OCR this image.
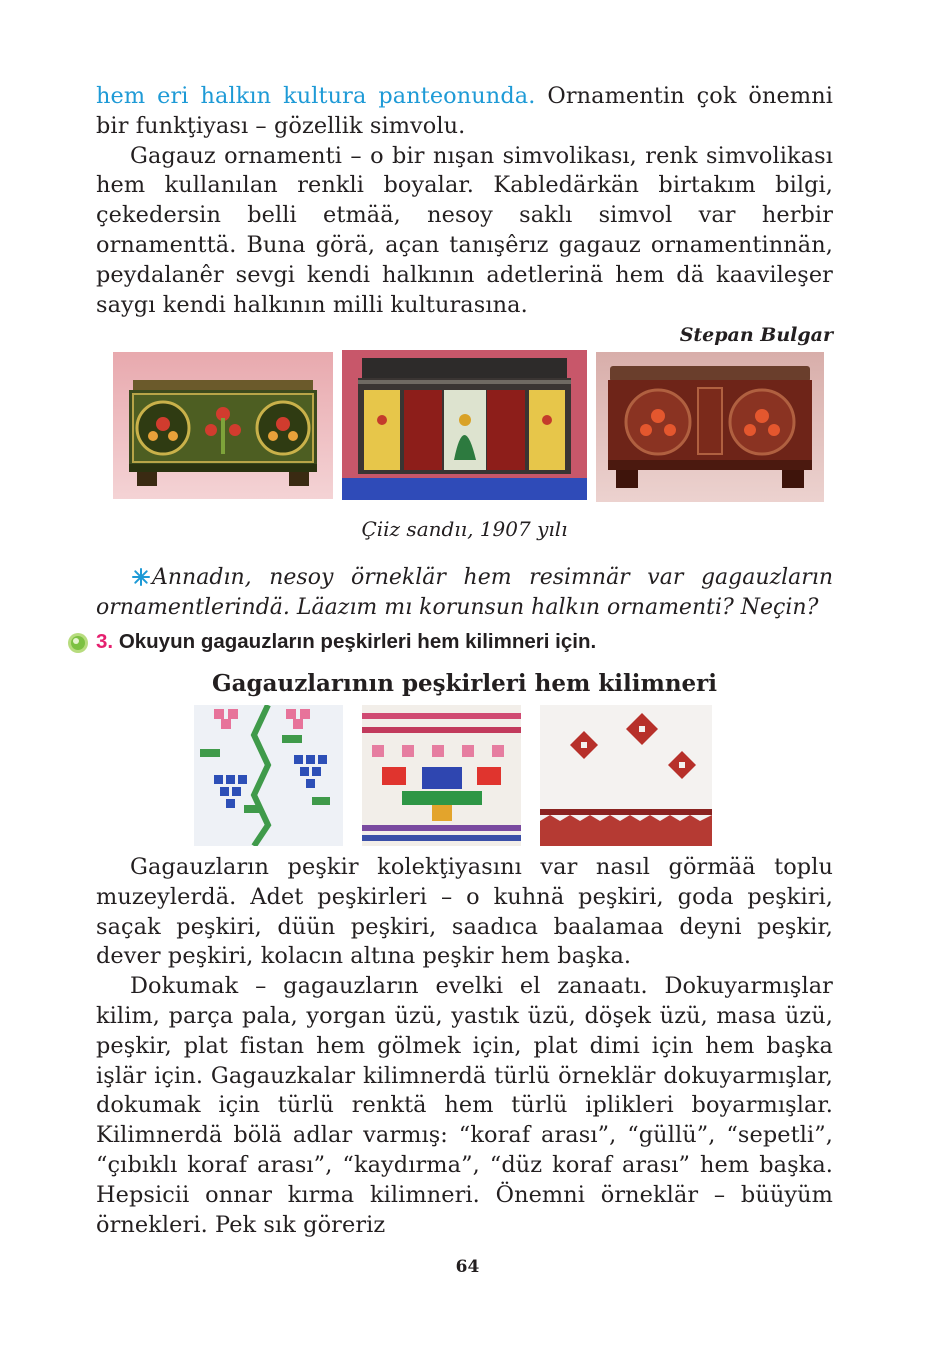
hem eri halkın kultura panteonunda. Ornamentin çok önemni bir funkţiyası – gözellik simvolu.

Gagauz ornamenti – o bir nışan simvolikası, renk simvolikası hem kullanılan renkli boyalar. Kabledärkän birtakım bilgi, çekedersin belli etmää, nesoy saklı simvol var herbir ornamenttä. Buna görä, açan tanışêrız gagauz ornamentinnän, peydalanêr sevgi kendi halkının adetlerinä hem dä kaavileşer saygı kendi halkının milli kulturasına.

Stepan Bulgar

Çiiz sandıı, 1907 yılı

Annadın, nesoy örneklär hem resimnär var gagauzların ornamentlerindä. Läazım mı korunsun halkın ornamenti? Neçin?

3. Okuyun gagauzların peşkirleri hem kilimneri için.
Gagauzlarının peşkirleri hem kilimneri

Gagauzların peşkir kolekţiyasını var nasıl görmää toplu muzeylerdä. Adet peşkirleri – o kuhnä peşkiri, goda peşkiri, saçak peşkiri, düün peşkiri, saadıca baalamaa deyni peşkir, dever peşkiri, kolacın altına peşkir hem başka.

Dokumak – gagauzların evelki el zanaatı. Dokuyarmışlar kilim, parça pala, yorgan üzü, yastık üzü, döşek üzü, masa üzü, peşkir, plat fistan hem gölmek için, plat dimi için hem başka işlär için. Gagauzkalar kilimnerdä türlü örneklär dokuyarmışlar, dokumak için türlü renktä hem türlü iplikleri boyarmışlar. Kilimnerdä bölä adlar varmış: “koraf arası”, “güllü”, “sepetli”, “çıbıklı koraf arası”, “kaydırma”, “düz koraf arası” hem başka. Hepsicii onnar kırma kilimneri. Önemni örneklär – büüyüm örnekleri. Pek sık göreriz

64
